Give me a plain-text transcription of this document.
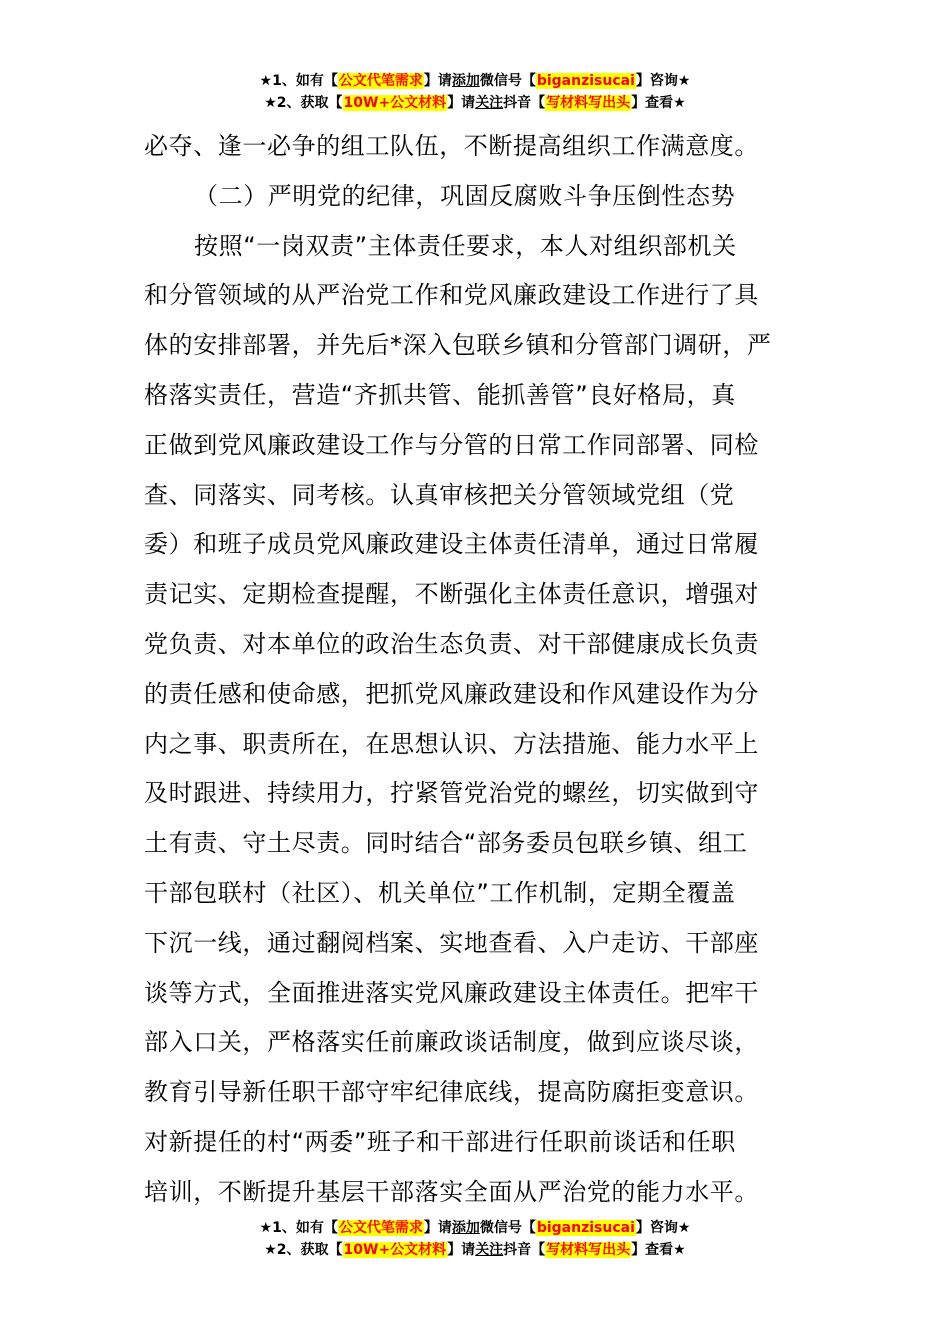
★1、如有【公文代笔需求】请添加微信号【biganzisucai】咨询★
★2、获取【10W+公文材料】请关注抖音【写材料写出头】查看★

必夺、逢一必争的组工队伍，不断提高组织工作满意度。

（二）严明党的纪律，巩固反腐败斗争压倒性态势

按照“一岗双责”主体责任要求，本人对组织部机关

和分管领域的从严治党工作和党风廉政建设工作进行了具

体的安排部署，并先后*深入包联乡镇和分管部门调研，严

格落实责任，营造“齐抓共管、能抓善管”良好格局，真

正做到党风廉政建设工作与分管的日常工作同部署、同检

查、同落实、同考核。认真审核把关分管领域党组（党

委）和班子成员党风廉政建设主体责任清单，通过日常履

责记实、定期检查提醒，不断强化主体责任意识，增强对

党负责、对本单位的政治生态负责、对干部健康成长负责

的责任感和使命感，把抓党风廉政建设和作风建设作为分

内之事、职责所在，在思想认识、方法措施、能力水平上

及时跟进、持续用力，拧紧管党治党的螺丝，切实做到守

土有责、守土尽责。同时结合“部务委员包联乡镇、组工

干部包联村（社区）、机关单位”工作机制，定期全覆盖

下沉一线，通过翻阅档案、实地查看、入户走访、干部座

谈等方式，全面推进落实党风廉政建设主体责任。把牢干

部入口关，严格落实任前廉政谈话制度，做到应谈尽谈，

教育引导新任职干部守牢纪律底线，提高防腐拒变意识。

对新提任的村“两委”班子和干部进行任职前谈话和任职

培训，不断提升基层干部落实全面从严治党的能力水平。

★1、如有【公文代笔需求】请添加微信号【biganzisucai】咨询★
★2、获取【10W+公文材料】请关注抖音【写材料写出头】查看★
